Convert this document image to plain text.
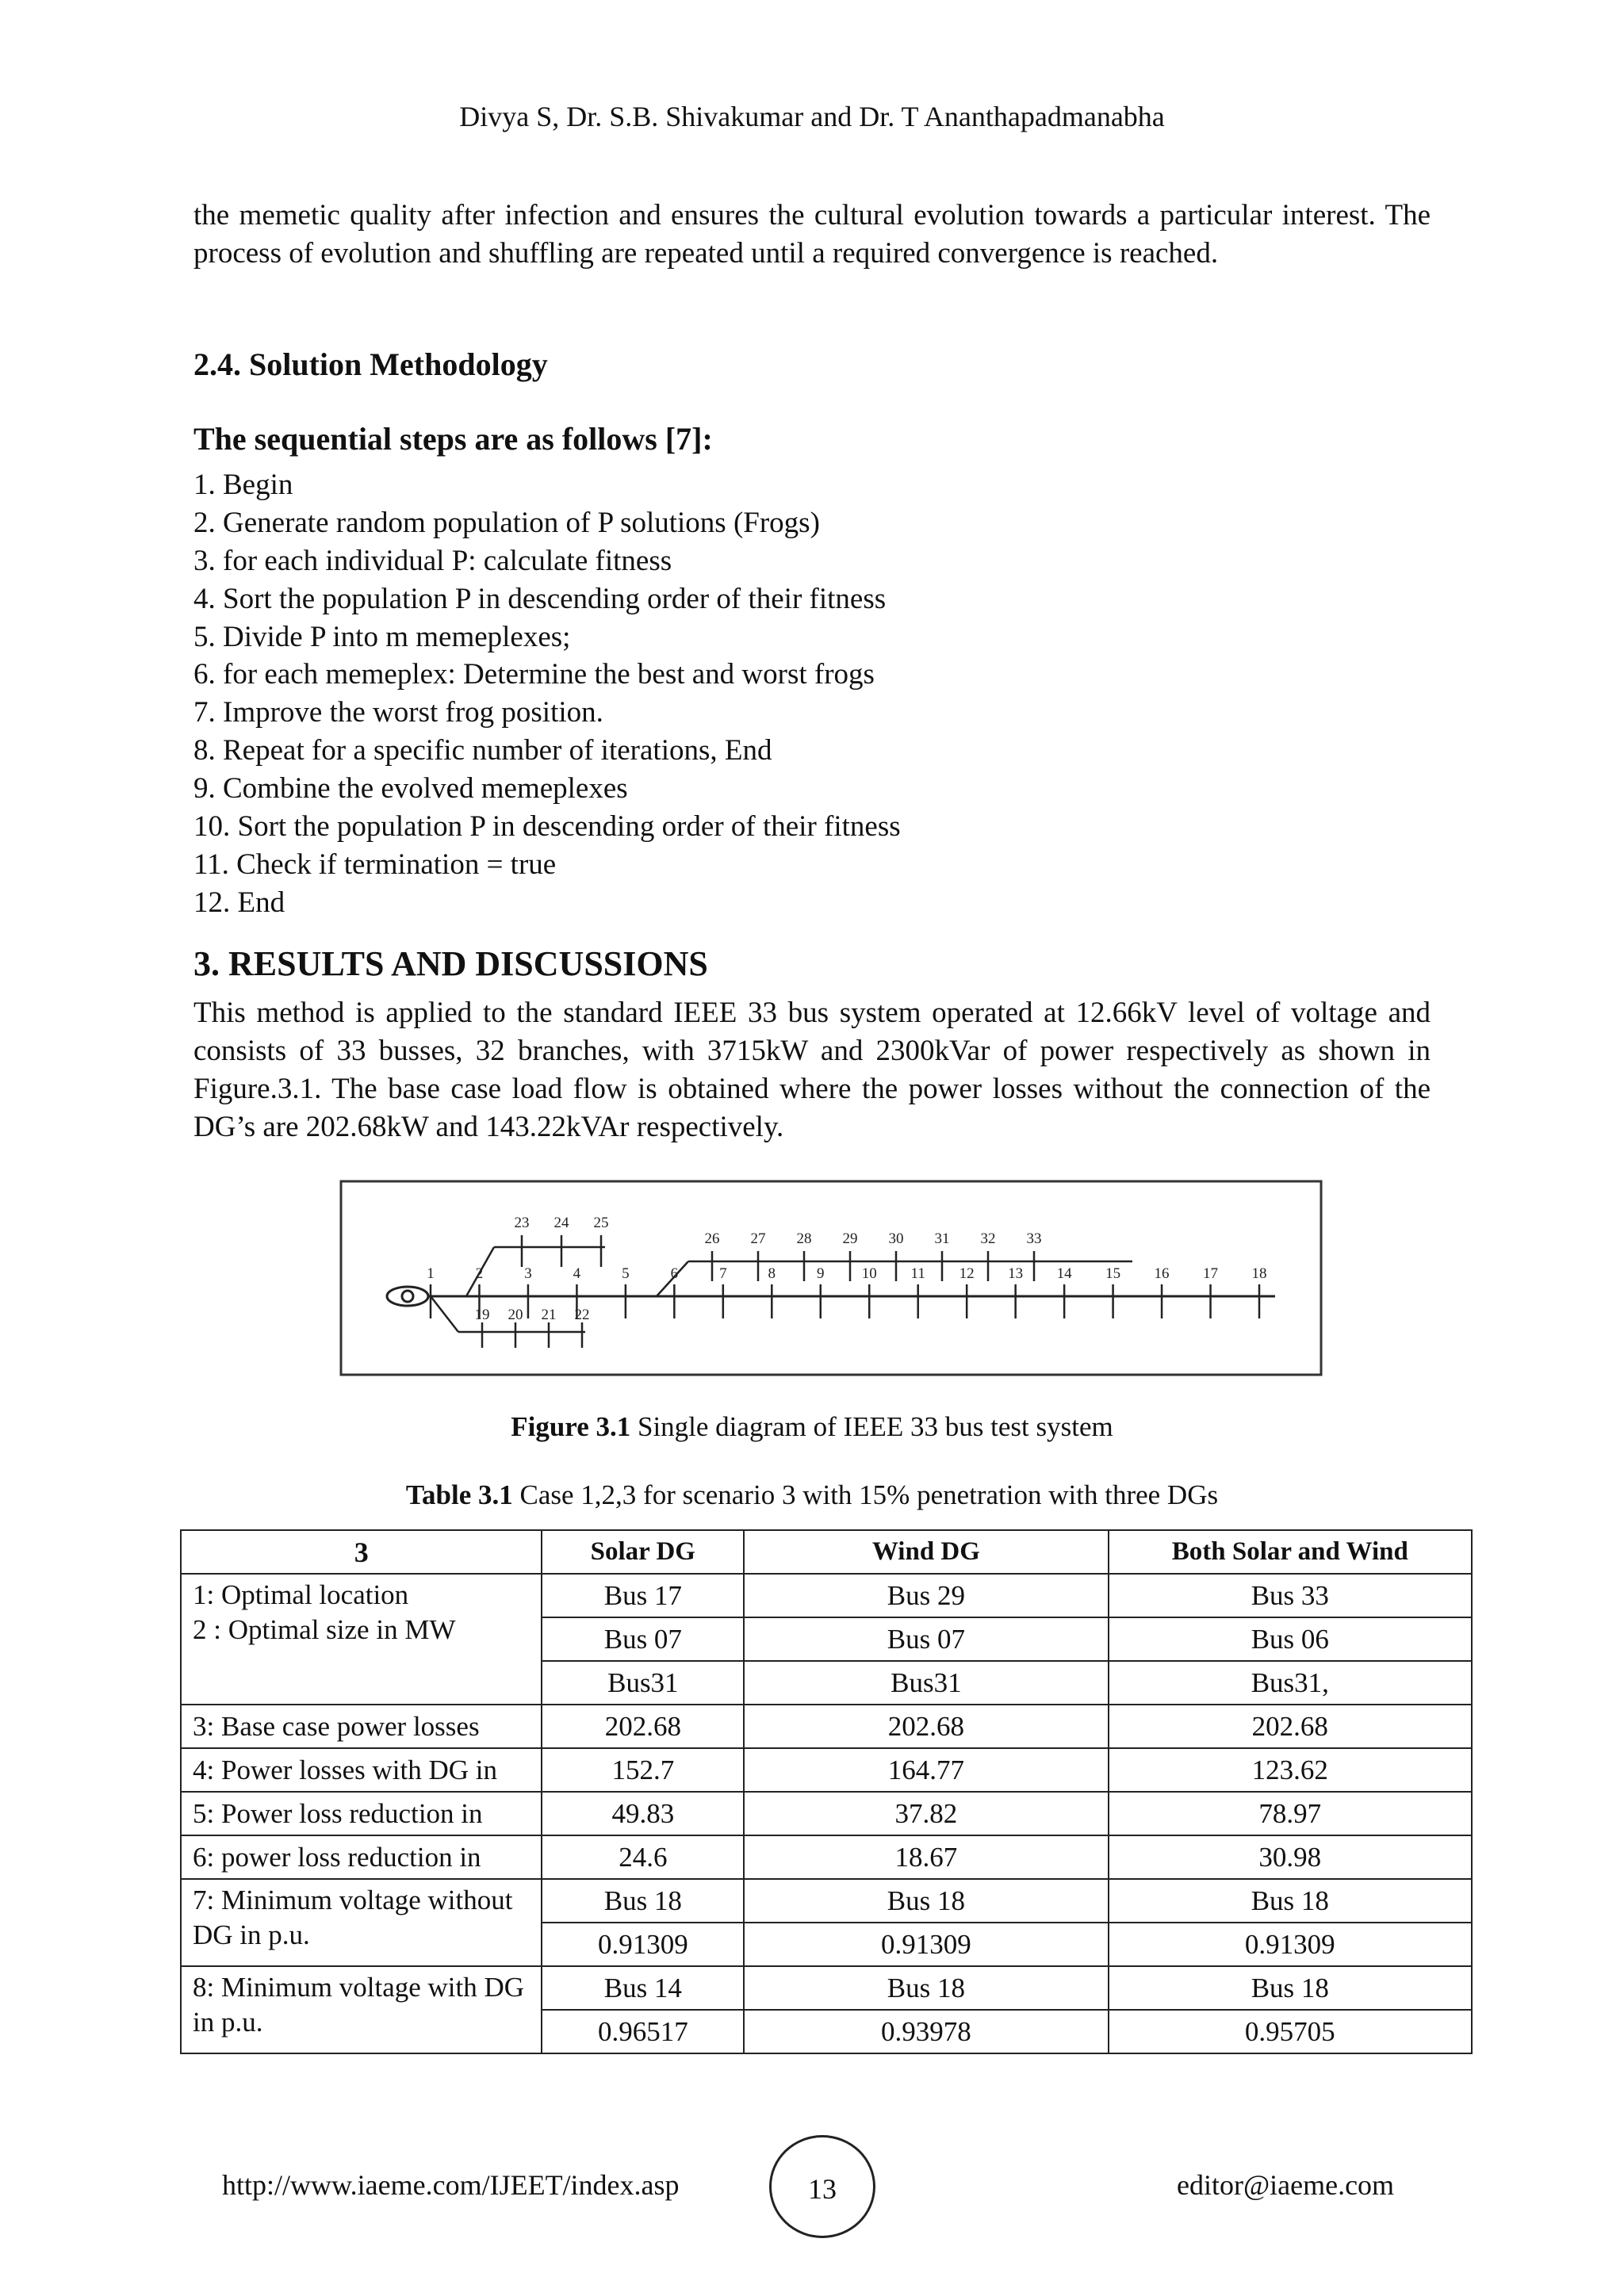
Divya S, Dr. S.B. Shivakumar and Dr. T Ananthapadmanabha
the memetic quality after infection and ensures the cultural evolution towards a particular interest. The process of evolution and shuffling are repeated until a required convergence is reached.
2.4. Solution Methodology
The sequential steps are as follows [7]:
1. Begin
2. Generate random population of P solutions (Frogs)
3. for each individual P: calculate fitness
4. Sort the population P in descending order of their fitness
5. Divide P into m memeplexes;
6. for each memeplex: Determine the best and worst frogs
7. Improve the worst frog position.
8. Repeat for a specific number of iterations, End
9. Combine the evolved memeplexes
10. Sort the population P in descending order of their fitness
11. Check if termination = true
12. End
3. RESULTS AND DISCUSSIONS
This method is applied to the standard IEEE 33 bus system operated at 12.66kV level of voltage and consists of 33 busses, 32 branches, with 3715kW and 2300kVar of power respectively as shown in Figure.3.1. The base case load flow is obtained where the power losses without the connection of the DG’s are 202.68kW and 143.22kVAr respectively.
1	2	3	4	5	6	7	8	9 10 11 12 13 14 15 16 17 18
23 24 25
26 27 28 29 30 31 32 33
19 20 21 22
Figure 3.1 Single diagram of IEEE 33 bus test system
Table 3.1 Case 1,2,3 for scenario 3 with 15% penetration with three DGs
3	Solar DG	Wind DG	Both Solar and Wind

1: Optimal location
2 : Optimal size in MW	Bus 17	Bus 29	Bus 33
	Bus 07	Bus 07	Bus 06
	Bus31	Bus31	Bus31,
3: Base case power losses	202.68	202.68	202.68
4: Power losses with DG in	152.7	164.77	123.62
5: Power loss reduction in	49.83	37.82	78.97
6: power loss reduction in	24.6	18.67	30.98
7: Minimum voltage without DG in p.u.	Bus 18	Bus 18	Bus 18
	0.91309	0.91309	0.91309
8: Minimum voltage with DG in p.u.	Bus 14	Bus 18	Bus 18
	0.96517	0.93978	0.95705
http://www.iaeme.com/IJEET/index.asp	13	editor@iaeme.com
